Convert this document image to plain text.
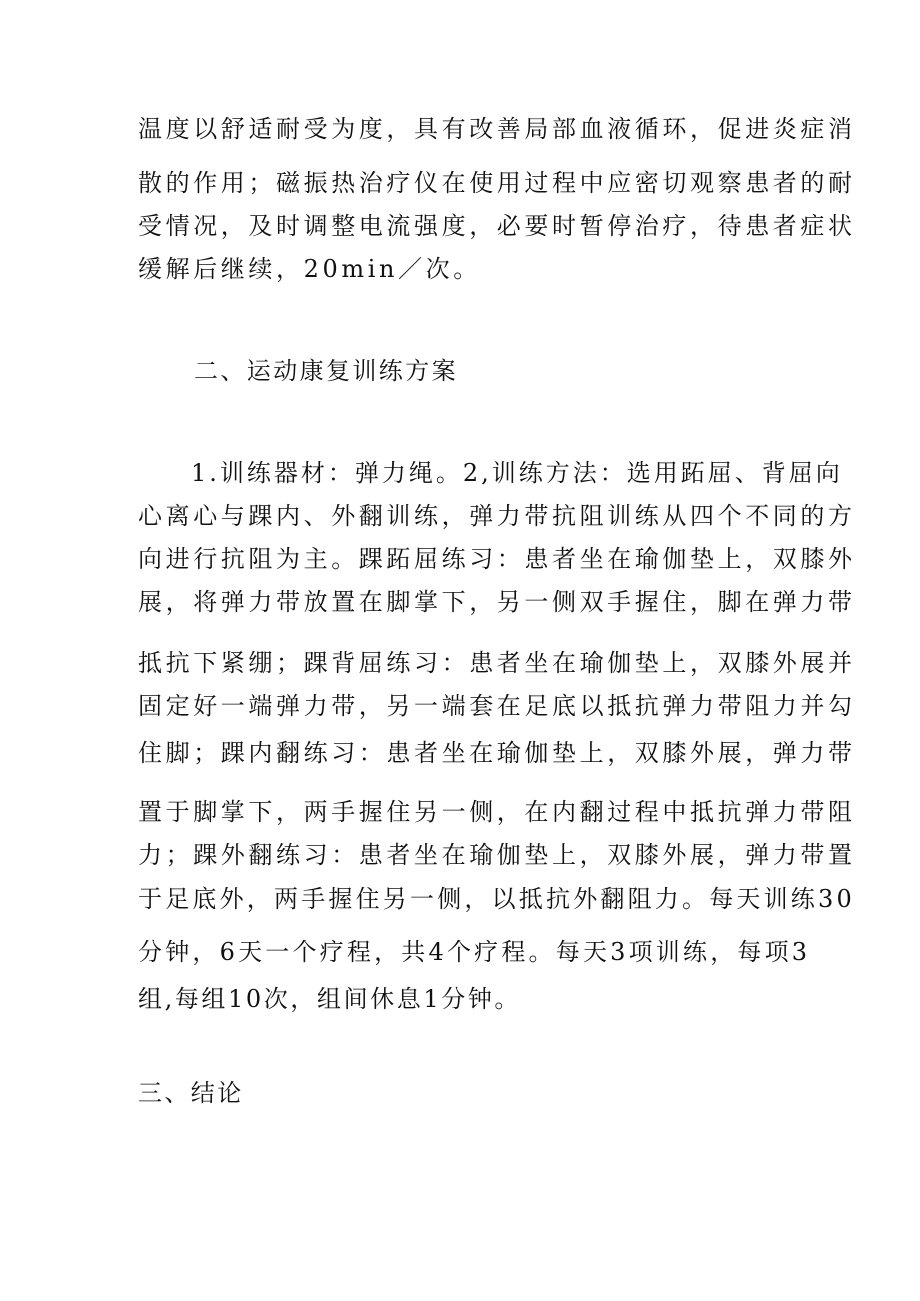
温度以舒适耐受为度，具有改善局部血液循环，促进炎症消

散的作用；磁振热治疗仪在使用过程中应密切观察患者的耐

受情况，及时调整电流强度，必要时暂停治疗，待患者症状

缓解后继续，20min／次。

二、运动康复训练方案

1.训练器材：弹力绳。2,训练方法：选用跖屈、背屈向

心离心与踝内、外翻训练，弹力带抗阻训练从四个不同的方

向进行抗阻为主。踝跖屈练习：患者坐在瑜伽垫上，双膝外

展，将弹力带放置在脚掌下，另一侧双手握住，脚在弹力带

抵抗下紧绷；踝背屈练习：患者坐在瑜伽垫上，双膝外展并

固定好一端弹力带，另一端套在足底以抵抗弹力带阻力并勾

住脚；踝内翻练习：患者坐在瑜伽垫上，双膝外展，弹力带

置于脚掌下，两手握住另一侧，在内翻过程中抵抗弹力带阻

力；踝外翻练习：患者坐在瑜伽垫上，双膝外展，弹力带置

于足底外，两手握住另一侧，以抵抗外翻阻力。每天训练30

分钟，6天一个疗程，共4个疗程。每天3项训练，每项3

组,每组10次，组间休息1分钟。

三、结论
